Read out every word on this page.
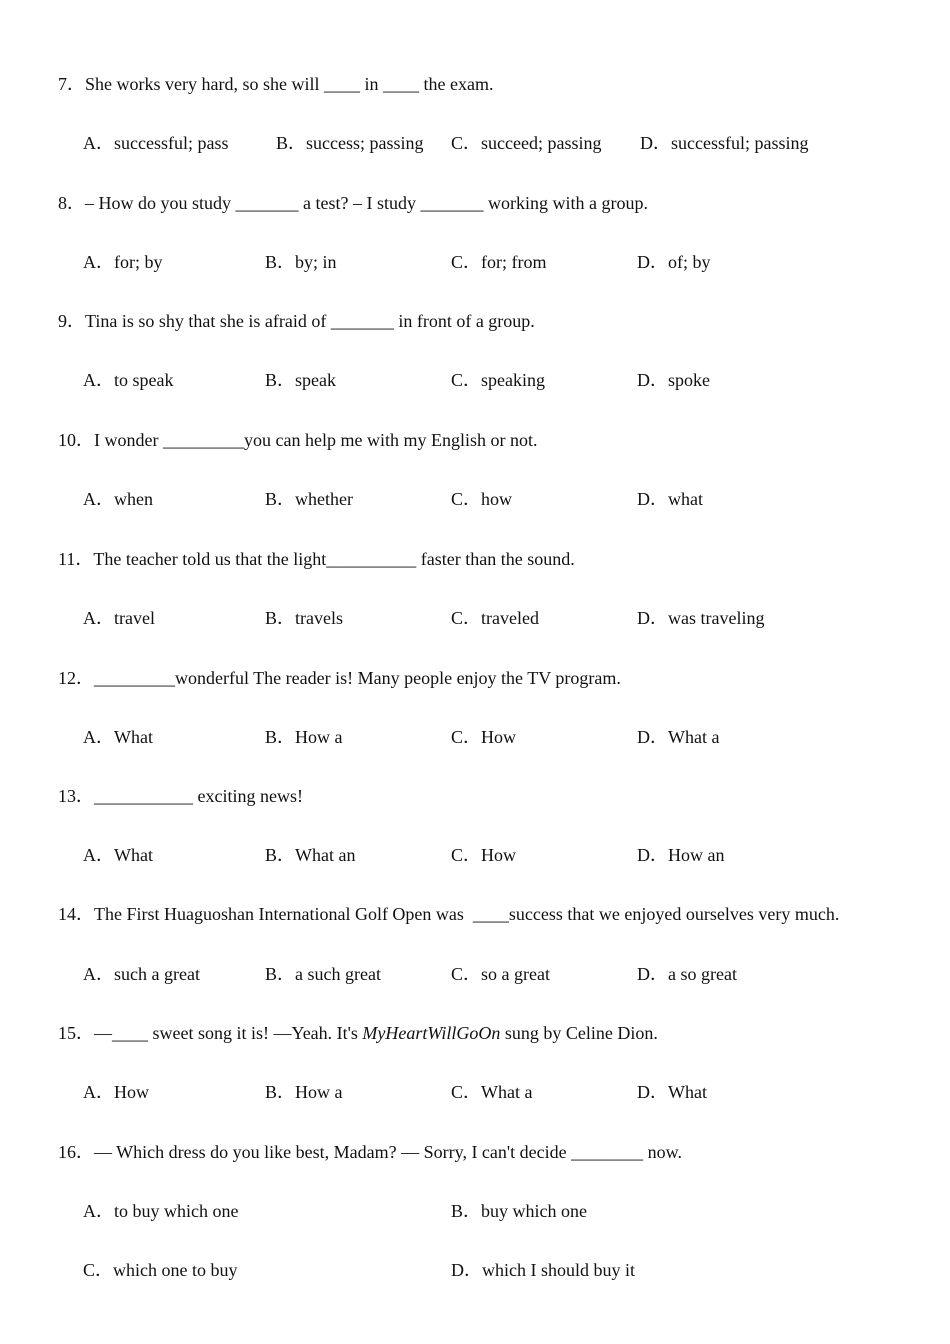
7．She works very hard, so she will ____ in ____ the exam.
A．successful; pass	B．success; passing C．succeed; passing D．successful; passing
8．– How do you study _______ a test? – I study _______ working with a group.
A．for; by	B．by; in	C．for; from	D．of; by
9．Tina is so shy that she is afraid of _______ in front of a group.
A．to speak	B．speak	C．speaking	D．spoke
10．I wonder _________you can help me with my English or not.
A．when	B．whether	C．how	D．what
11．The teacher told us that the light__________ faster than the sound.
A．travel	B．travels	C．traveled	D．was traveling
12．_________wonderful The reader is! Many people enjoy the TV program.
A．What	B．How a	C．How	D．What a
13．___________ exciting news!
A．What	B．What an	C．How	D．How an
14．The First Huaguoshan International Golf Open was  ____success that we enjoyed ourselves very much.
A．such a great	B．a such great	C．so a great	D．a so great
15．—____ sweet song it is! —Yeah. It's MyHeartWillGoOn sung by Celine Dion.
A．How	B．How a	C．What a	D．What
16．— Which dress do you like best, Madam? — Sorry, I can't decide ________ now.
A．to buy which one	B．buy which one
C．which one to buy	D．which I should buy it
